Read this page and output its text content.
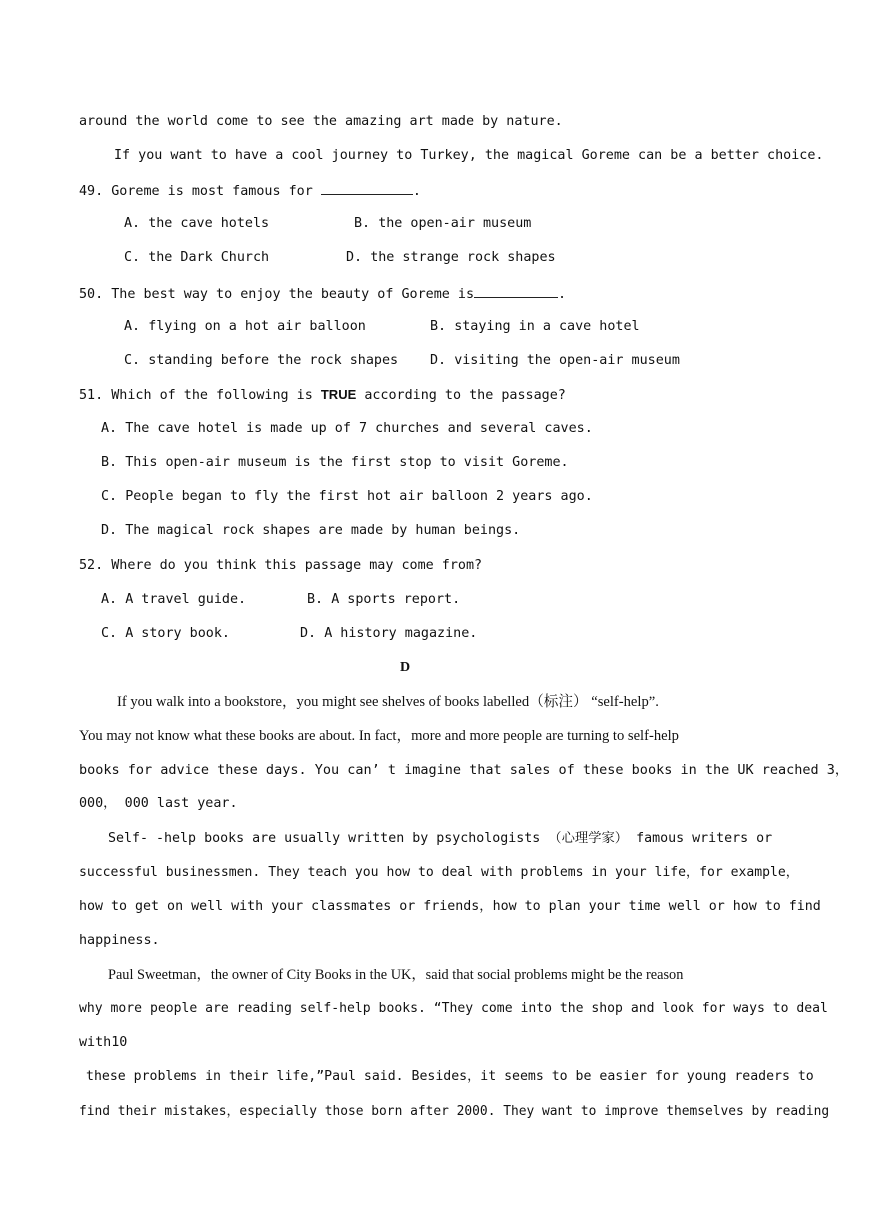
around the world come to see the amazing art made by nature.
If you want to have a cool journey to Turkey, the magical Goreme can be a better choice.
49. Goreme is most famous for	.
A. the cave hotels	B. the open-air museum
C. the Dark Church	D. the strange rock shapes
50. The best way to enjoy the beauty of Goreme is	.
A. flying on a hot air balloon	B. staying in a cave hotel
C. standing before the rock shapes D. visiting the open-air museum
51. Which of the following is TRUE according to the passage?
A. The cave hotel is made up of 7 churches and several caves.
B. This open-air museum is the first stop to visit Goreme.
C. People began to fly the first hot air balloon 2 years ago.
D. The magical rock shapes are made by human beings.
52. Where do you think this passage may come from?
A. A travel guide.	B. A sports report.
C. A story book.	D. A history magazine.
D
If you walk into a bookstore，you might see shelves of books labelled（标注） “self-help”.
You may not know what these books are about. In fact，more and more people are turning to self-help
books for advice these days. You can’ t imagine that sales of these books in the UK reached 3，
000， 000 last year.
Self- -help books are usually written by psychologists （心理学家） famous writers or
successful businessmen. They teach you how to deal with problems in your life，for example，
how to get on well with your classmates or friends，how to plan your time well or how to find
happiness.
Paul Sweetman，the owner of City Books in the UK，said that social problems might be the reason
why more people are reading self-help books. “They come into the shop and look for ways to deal
with10
these problems in their life,”Paul said. Besides，it seems to be easier for young readers to
find their mistakes，especially those born after 2000. They want to improve themselves by reading
